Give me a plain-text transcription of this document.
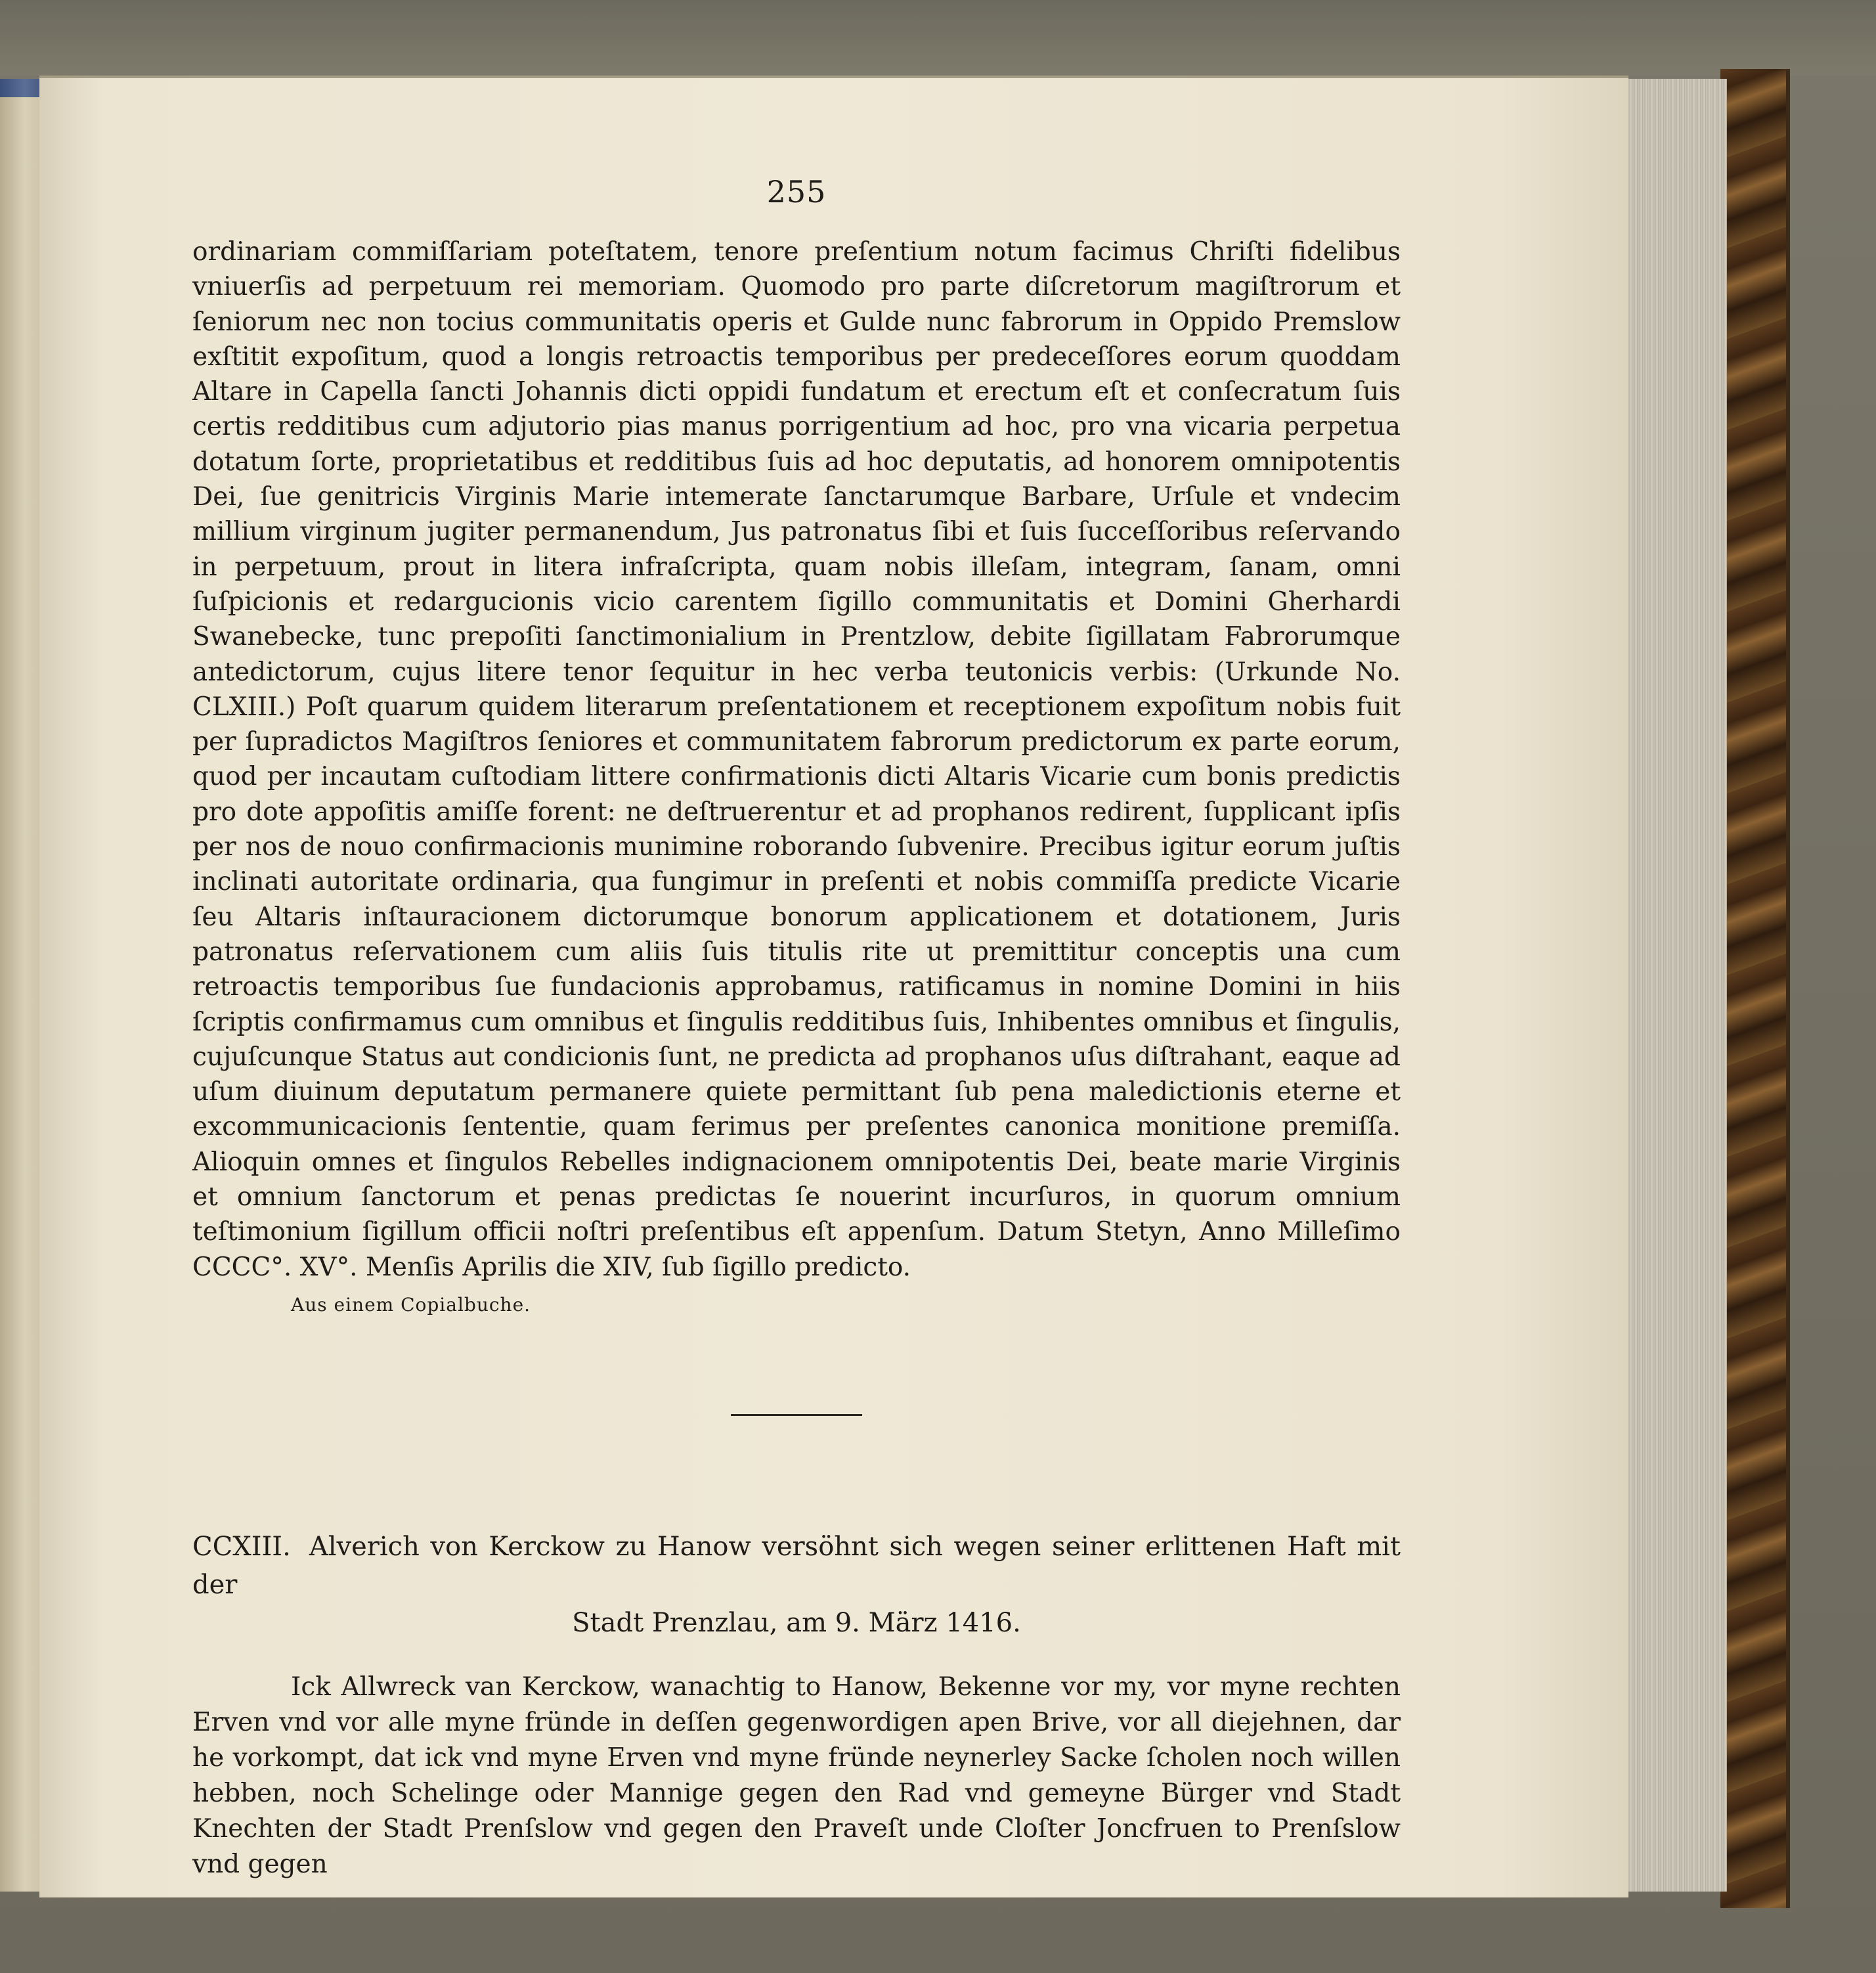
255

ordinariam commiſſariam poteſtatem, tenore preſentium notum facimus Chriſti fidelibus vniuerſis ad perpetuum rei memoriam. Quomodo pro parte diſcretorum magiſtrorum et ſeniorum nec non tocius communitatis operis et Gulde nunc fabrorum in Oppido Premslow exſtitit expoſitum, quod a longis retroactis temporibus per predeceſſores eorum quoddam Altare in Capella ſancti Johannis dicti oppidi fundatum et erectum eſt et conſecratum ſuis certis redditibus cum adjutorio pias manus porrigentium ad hoc, pro vna vicaria perpetua dotatum ſorte, proprietatibus et redditibus ſuis ad hoc deputatis, ad honorem omnipotentis Dei, ſue genitricis Virginis Marie intemerate ſanctarumque Barbare, Urſule et vndecim millium virginum jugiter permanendum, Jus patronatus ſibi et ſuis ſucceſſoribus reſervando in perpetuum, prout in litera infraſcripta, quam nobis illeſam, integram, ſanam, omni ſuſpicionis et redargucionis vicio carentem ſigillo communitatis et Domini Gherhardi Swanebecke, tunc prepoſiti ſanctimonialium in Prentzlow, debite ſigillatam Fabrorumque antedictorum, cujus litere tenor ſequitur in hec verba teutonicis verbis: (Urkunde No. CLXIII.) Poſt quarum quidem literarum preſentationem et receptionem expoſitum nobis fuit per ſupradictos Magiſtros ſeniores et communitatem fabrorum predictorum ex parte eorum, quod per incautam cuſtodiam littere confirmationis dicti Altaris Vicarie cum bonis predictis pro dote appoſitis amiſſe forent: ne deſtruerentur et ad prophanos redirent, ſupplicant ipſis per nos de nouo confirmacionis munimine roborando ſubvenire. Precibus igitur eorum juſtis inclinati autoritate ordinaria, qua fungimur in preſenti et nobis commiſſa predicte Vicarie ſeu Altaris inſtauracionem dictorumque bonorum applicationem et dotationem, Juris patronatus reſervationem cum aliis ſuis titulis rite ut premittitur conceptis una cum retroactis temporibus ſue fundacionis approbamus, ratificamus in nomine Domini in hiis ſcriptis confirmamus cum omnibus et ſingulis redditibus ſuis, Inhibentes omnibus et ſingulis, cujuſcunque Status aut condicionis ſunt, ne predicta ad prophanos uſus diſtrahant, eaque ad uſum diuinum deputatum permanere quiete permittant ſub pena maledictionis eterne et excommunicacionis ſententie, quam ferimus per preſentes canonica monitione premiſſa. Alioquin omnes et ſingulos Rebelles indignacionem omnipotentis Dei, beate marie Virginis et omnium ſanctorum et penas predictas ſe nouerint incurſuros, in quorum omnium teſtimonium ſigillum officii noſtri preſentibus eſt appenſum. Datum Stetyn, Anno Milleſimo CCCC°. XV°. Menſis Aprilis die XIV, ſub ſigillo predicto.

Aus einem Copialbuche.
CCXIII. Alverich von Kerckow zu Hanow versöhnt sich wegen seiner erlittenen Haft mit der
Stadt Prenzlau, am 9. März 1416.

Ick Allwreck van Kerckow, wanachtig to Hanow, Bekenne vor my, vor myne rechten Erven vnd vor alle myne fründe in deſſen gegenwordigen apen Brive, vor all diejehnen, dar he vorkompt, dat ick vnd myne Erven vnd myne fründe neynerley Sacke ſcholen noch willen hebben, noch Schelinge oder Mannige gegen den Rad vnd gemeyne Bürger vnd Stadt Knechten der Stadt Prenſslow vnd gegen den Praveſt unde Cloſter Joncfruen to Prenſslow vnd gegen
